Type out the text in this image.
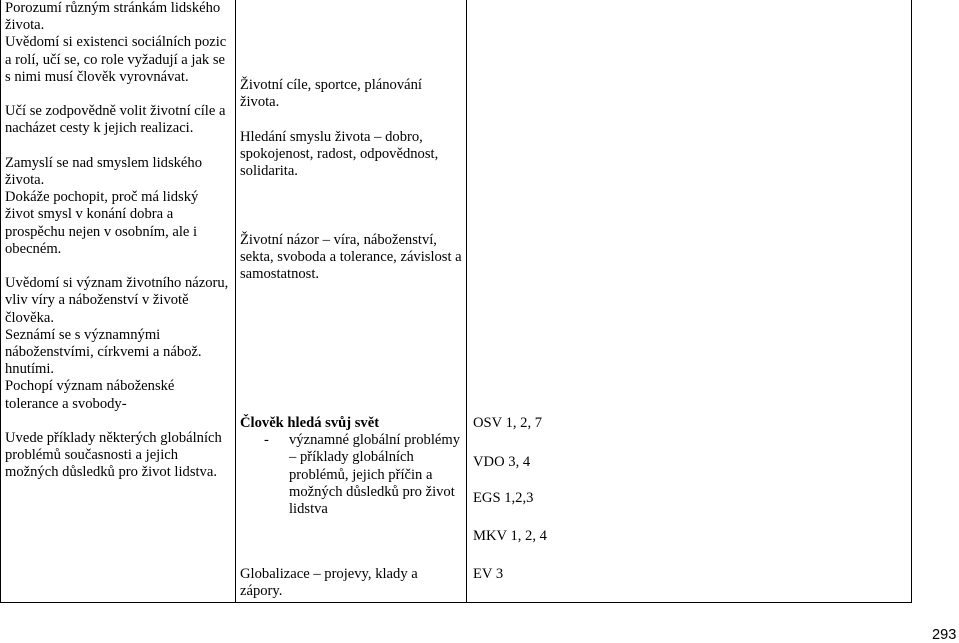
Porozumí různým stránkám lidského života.

Uvědomí si existenci sociálních pozic a rolí, učí se, co role vyžadují a jak se s nimi musí člověk vyrovnávat.

Učí se zodpovědně volit životní cíle a nacházet cesty k jejich realizaci.

Zamyslí se nad smyslem lidského života.

Dokáže pochopit, proč má lidský život smysl v konání dobra a prospěchu nejen v osobním, ale i obecném.

Uvědomí si význam životního názoru, vliv víry a náboženství v životě člověka.

Seznámí se s významnými náboženstvími, církvemi a nábož. hnutími.

Pochopí význam náboženské tolerance a svobody-

Uvede příklady některých globálních problémů současnosti a jejich možných důsledků pro život lidstva.

Životní cíle, sportce, plánování života.

Hledání smyslu života – dobro, spokojenost, radost, odpovědnost, solidarita.

Životní názor – víra, náboženství, sekta, svoboda a tolerance, závislost a samostatnost.

Člověk hledá svůj svět

-	významné globální problémy – příklady globálních problémů, jejich příčin a možných důsledků pro život lidstva

Globalizace – projevy, klady a zápory.

OSV 1, 2, 7

VDO 3, 4

EGS 1,2,3

MKV 1, 2, 4

EV 3

293
